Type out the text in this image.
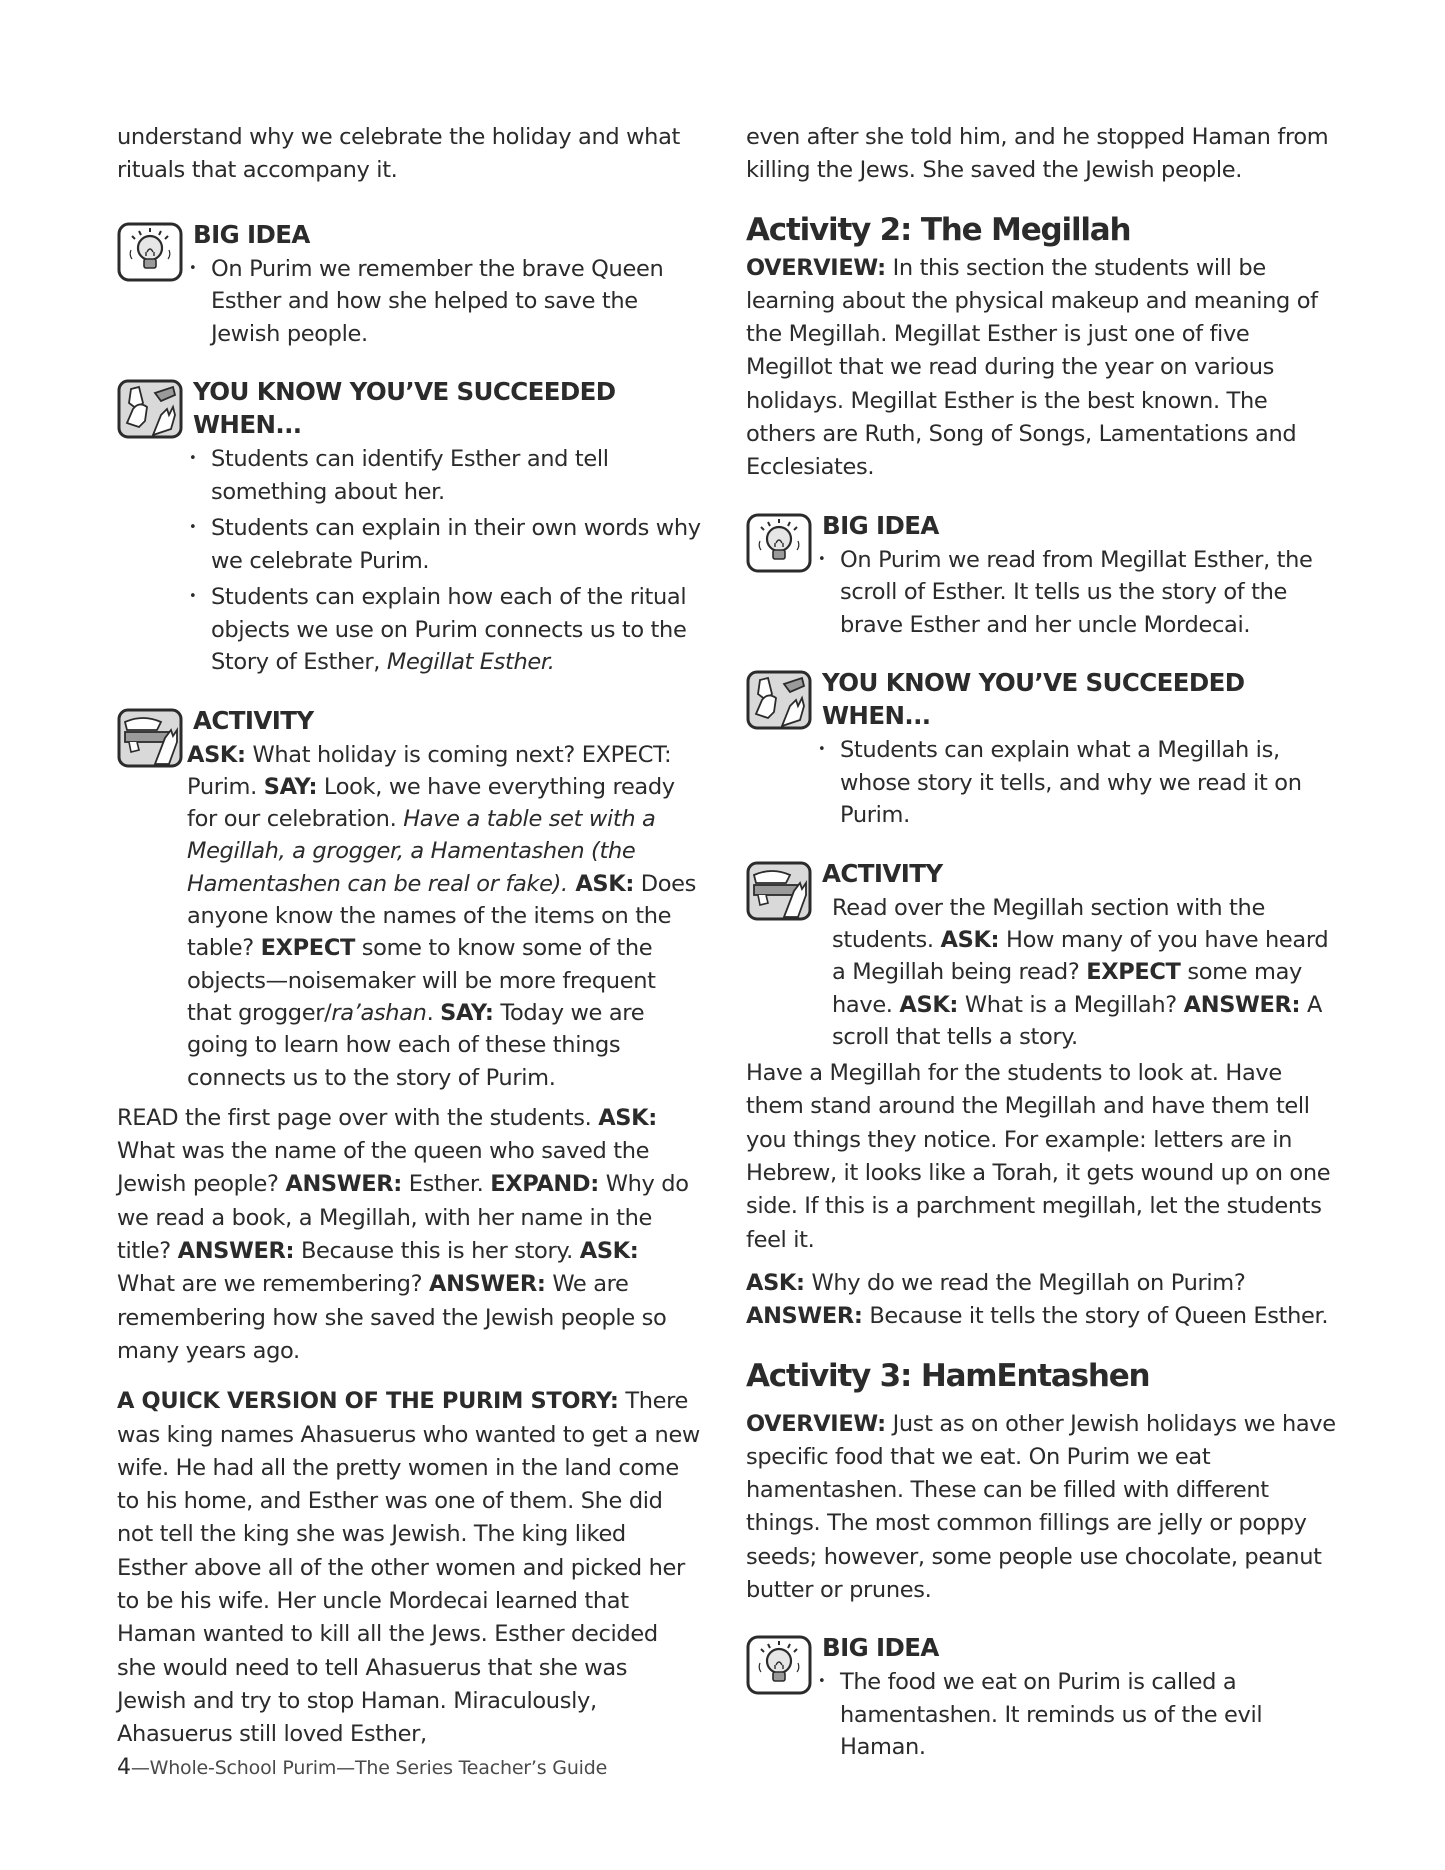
understand why we celebrate the holiday and what rituals that accompany it.

BIG IDEA
• On Purim we remember the brave Queen Esther and how she helped to save the Jewish people.
YOU KNOW YOU’VE SUCCEEDED WHEN...
• Students can identify Esther and tell something about her.
• Students can explain in their own words why we celebrate Purim.
• Students can explain how each of the ritual objects we use on Purim connects us to the Story of Esther, Megillat Esther.
ACTIVITY
ASK: What holiday is coming next? EXPECT: Purim. SAY: Look, we have everything ready for our celebration. Have a table set with a Megillah, a grogger, a Hamentashen (the Hamentashen can be real or fake). ASK: Does anyone know the names of the items on the table? EXPECT some to know some of the objects—noisemaker will be more frequent that grogger/ra’ashan. SAY: Today we are going to learn how each of these things connects us to the story of Purim.

READ the first page over with the students. ASK: What was the name of the queen who saved the Jewish people? ANSWER: Esther. EXPAND: Why do we read a book, a Megillah, with her name in the title? ANSWER: Because this is her story. ASK: What are we remembering? ANSWER: We are remembering how she saved the Jewish people so many years ago.

A QUICK VERSION OF THE PURIM STORY: There was king names Ahasuerus who wanted to get a new wife. He had all the pretty women in the land come to his home, and Esther was one of them. She did not tell the king she was Jewish. The king liked Esther above all of the other women and picked her to be his wife. Her uncle Mordecai learned that Haman wanted to kill all the Jews. Esther decided she would need to tell Ahasuerus that she was Jewish and try to stop Haman. Miraculously, Ahasuerus still loved Esther,

even after she told him, and he stopped Haman from killing the Jews. She saved the Jewish people.

Activity 2: The Megillah

OVERVIEW: In this section the students will be learning about the physical makeup and meaning of the Megillah. Megillat Esther is just one of five Megillot that we read during the year on various holidays. Megillat Esther is the best known. The others are Ruth, Song of Songs, Lamentations and Ecclesiates.

BIG IDEA
• On Purim we read from Megillat Esther, the scroll of Esther. It tells us the story of the brave Esther and her uncle Mordecai.
YOU KNOW YOU’VE SUCCEEDED WHEN...
• Students can explain what a Megillah is, whose story it tells, and why we read it on Purim.
ACTIVITY
Read over the Megillah section with the students. ASK: How many of you have heard a Megillah being read? EXPECT some may have. ASK: What is a Megillah? ANSWER: A scroll that tells a story.

Have a Megillah for the students to look at. Have them stand around the Megillah and have them tell you things they notice. For example: letters are in Hebrew, it looks like a Torah, it gets wound up on one side. If this is a parchment megillah, let the students feel it.

ASK: Why do we read the Megillah on Purim?
ANSWER: Because it tells the story of Queen Esther.

Activity 3: HamEntashen

OVERVIEW: Just as on other Jewish holidays we have specific food that we eat. On Purim we eat hamentashen. These can be filled with different things. The most common fillings are jelly or poppy seeds; however, some people use chocolate, peanut butter or prunes.

BIG IDEA
• The food we eat on Purim is called a hamentashen. It reminds us of the evil Haman.
4—Whole-School Purim—The Series Teacher’s Guide
